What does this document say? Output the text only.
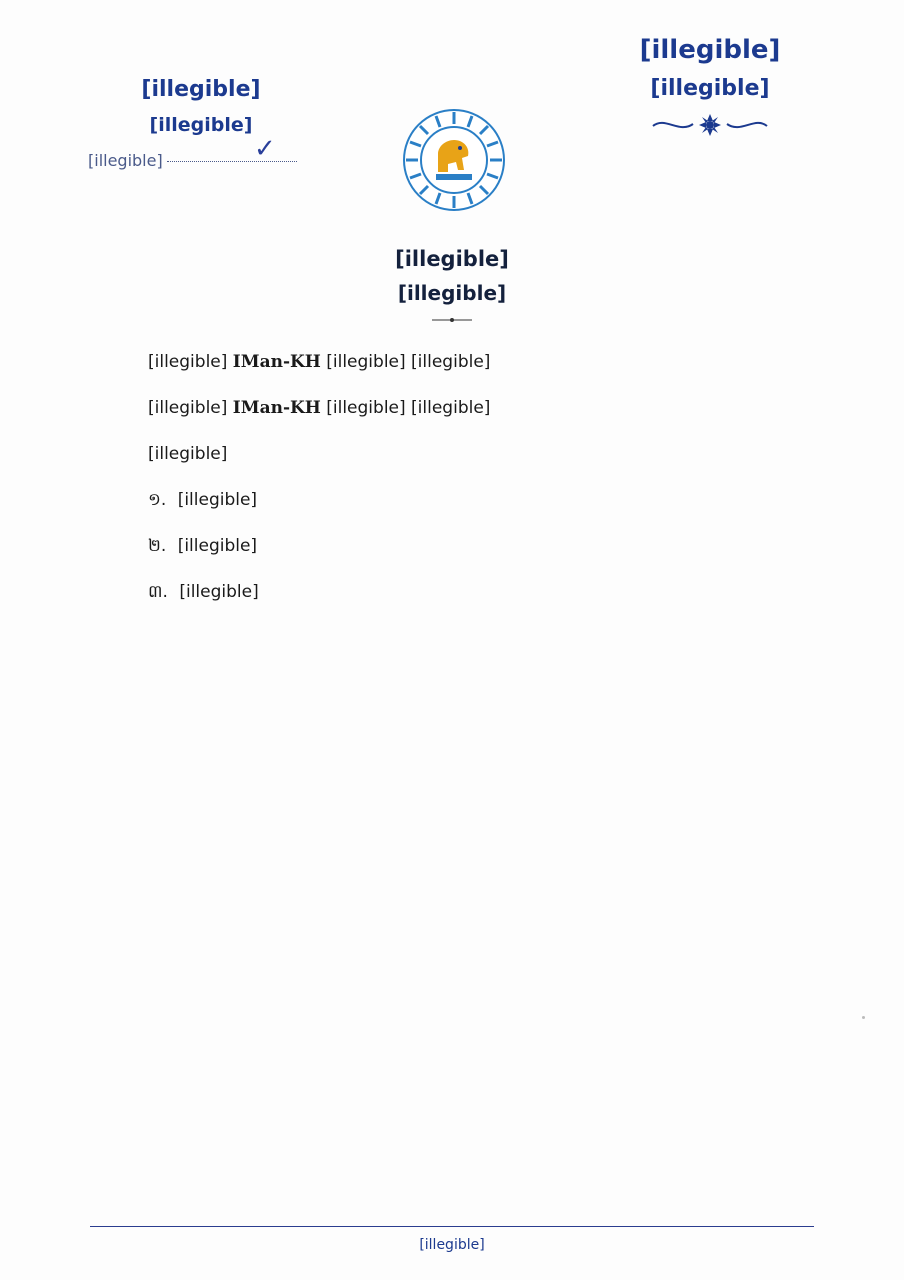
[illegible]
[illegible]
[illegible]
[illegible]
[illegible]	✓
[illegible]
[illegible]

[illegible] IMan-KH [illegible] [illegible]

[illegible] IMan-KH [illegible] [illegible]

[illegible]

១. [illegible]

២. [illegible]

៣. [illegible]

[illegible]
